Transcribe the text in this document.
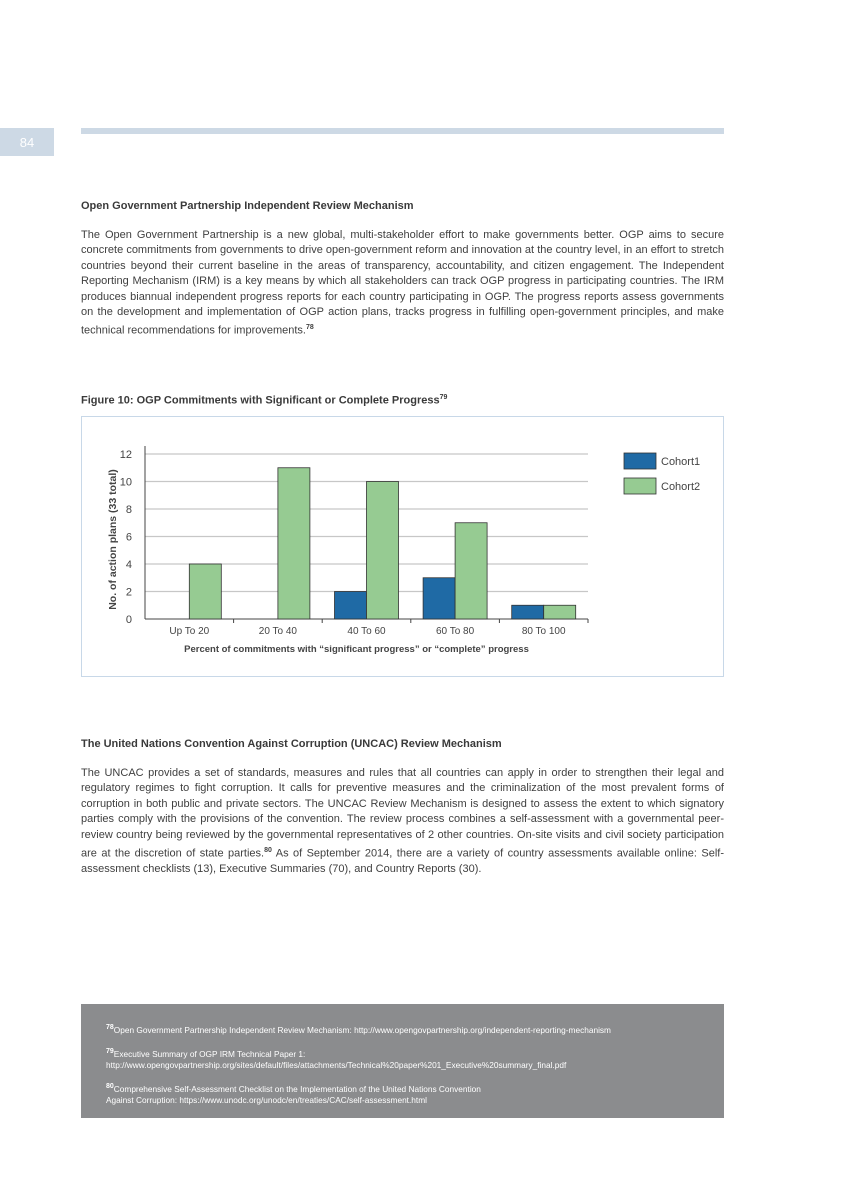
84
Open Government Partnership Independent Review Mechanism
The Open Government Partnership is a new global, multi-stakeholder effort to make governments better. OGP aims to secure concrete commitments from governments to drive open-government reform and innovation at the country level, in an effort to stretch countries beyond their current baseline in the areas of transparency, accountability, and citizen engagement. The Independent Reporting Mechanism (IRM) is a key means by which all stakeholders can track OGP progress in participating countries. The IRM produces biannual independent progress reports for each country participating in OGP. The progress reports assess governments on the development and implementation of OGP action plans, tracks progress in fulfilling open-government principles, and make technical recommendations for improvements.$^{78}$
Figure 10: OGP Commitments with Significant or Complete Progress$^{79}$
0
2
4
6
8
10
12
Up To 20	20 To 40	40 To 60	60 To 80	80 To 100
Percent of commitments with “significant progress” or “complete” progress
No. of action plans (33 total)
Cohort1
Cohort2
The United Nations Convention Against Corruption (UNCAC) Review Mechanism
The UNCAC provides a set of standards, measures and rules that all countries can apply in order to strengthen their legal and regulatory regimes to fight corruption. It calls for preventive measures and the criminalization of the most prevalent forms of corruption in both public and private sectors. The UNCAC Review Mechanism is designed to assess the extent to which signatory parties comply with the provisions of the convention. The review process combines a self-assessment with a governmental peer-review country being reviewed by the governmental representatives of 2 other countries. On-site visits and civil society participation are at the discretion of state parties.$^{80}$ As of September 2014, there are a variety of country assessments available online: Self-assessment checklists (13), Executive Summaries (70), and Country Reports (30).
$^{78}$Open Government Partnership Independent Review Mechanism: http://www.opengovpartnership.org/independent-reporting-mechanism
$^{79}$Executive Summary of OGP IRM Technical Paper 1:
http://www.opengovpartnership.org/sites/default/files/attachments/Technical%20paper%201_Executive%20summary_final.pdf
$^{80}$Comprehensive Self-Assessment Checklist on the Implementation of the United Nations Convention
Against Corruption: https://www.unodc.org/unodc/en/treaties/CAC/self-assessment.html
